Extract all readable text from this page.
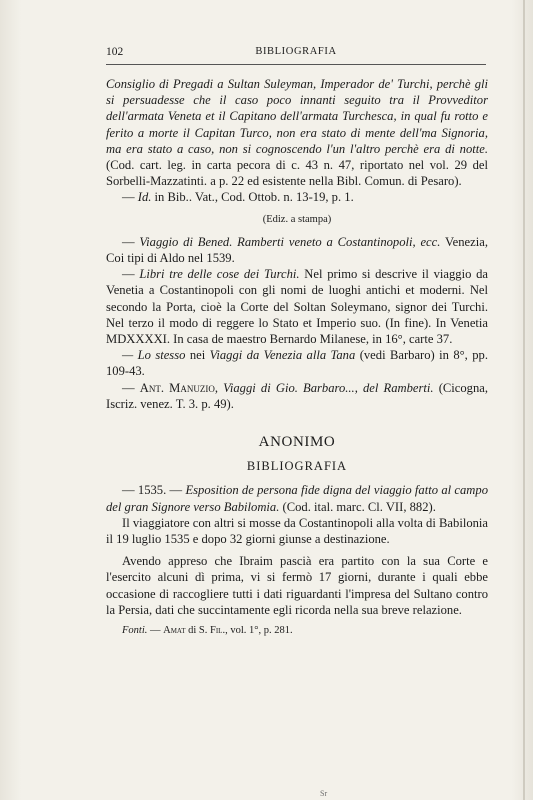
BIBLIOGRAFIA
102

Consiglio di Pregadi a Sultan Suleyman, Imperador de' Turchi, perchè gli si persuadesse che il caso poco innanti seguito tra il Provveditor dell'armata Veneta et il Capitano dell'armata Turchesca, in qual fu rotto e ferito a morte il Capitan Turco, non era stato di mente dell'ma Signoria, ma era stato a caso, non si cognoscendo l'un l'altro perchè era di notte. (Cod. cart. leg. in carta pecora di c. 43 n. 47, riportato nel vol. 29 del Sorbelli-Mazzatinti. a p. 22 ed esistente nella Bibl. Comun. di Pesaro).

— Id. in Bib.. Vat., Cod. Ottob. n. 13-19, p. 1.

(Ediz. a stampa)

— Viaggio di Bened. Ramberti veneto a Costantinopoli, ecc. Venezia, Coi tipi di Aldo nel 1539.

— Libri tre delle cose dei Turchi. Nel primo si descrive il viaggio da Venetia a Costantinopoli con gli nomi de luoghi antichi et moderni. Nel secondo la Porta, cioè la Corte del Soltan Soleymano, signor dei Turchi. Nel terzo il modo di reggere lo Stato et Imperio suo. (In fine). In Venetia MDXXXXI. In casa de maestro Bernardo Milanese, in 16°, carte 37.

— Lo stesso nei Viaggi da Venezia alla Tana (vedi Barbaro) in 8°, pp. 109-43.

— Ant. Manuzio, Viaggi di Gio. Barbaro..., del Ramberti. (Cicogna, Iscriz. venez. T. 3. p. 49).

ANONIMO
BIBLIOGRAFIA

— 1535. — Esposition de persona fide digna del viaggio fatto al campo del gran Signore verso Babilomia. (Cod. ital. marc. Cl. VII, 882).

Il viaggiatore con altri si mosse da Costantinopoli alla volta di Babilonia il 19 luglio 1535 e dopo 32 giorni giunse a destinazione.

Avendo appreso che Ibraim pascià era partito con la sua Corte e l'esercito alcuni dì prima, vi si fermò 17 giorni, durante i quali ebbe occasione di raccogliere tutti i dati riguardanti l'impresa del Sultano contro la Persia, dati che succintamente egli ricorda nella sua breve relazione.

Fonti. — Amat di S. Fil., vol. 1°, p. 281.

Sr
